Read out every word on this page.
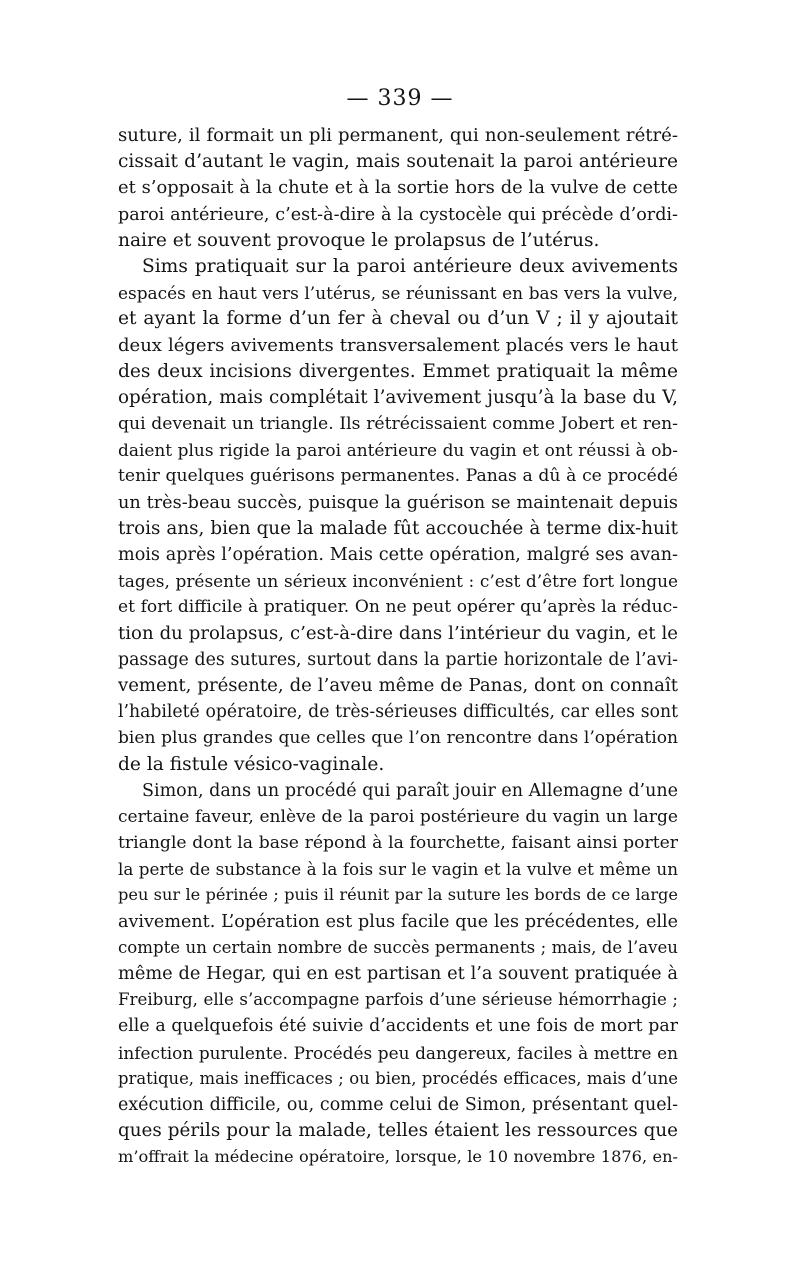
— 339 —
suture, il formait un pli permanent, qui non-seulement rétré-
cissait d’autant le vagin, mais soutenait la paroi antérieure
et s’opposait à la chute et à la sortie hors de la vulve de cette
paroi antérieure, c’est-à-dire à la cystocèle qui précède d’ordi-
naire et souvent provoque le prolapsus de l’utérus.
Sims pratiquait sur la paroi antérieure deux avivements
espacés en haut vers l’utérus, se réunissant en bas vers la vulve,
et ayant la forme d’un fer à cheval ou d’un V ; il y ajoutait
deux légers avivements transversalement placés vers le haut
des deux incisions divergentes. Emmet pratiquait la même
opération, mais complétait l’avivement jusqu’à la base du V,
qui devenait un triangle. Ils rétrécissaient comme Jobert et ren-
daient plus rigide la paroi antérieure du vagin et ont réussi à ob-
tenir quelques guérisons permanentes. Panas a dû à ce procédé
un très-beau succès, puisque la guérison se maintenait depuis
trois ans, bien que la malade fût accouchée à terme dix-huit
mois après l’opération. Mais cette opération, malgré ses avan-
tages, présente un sérieux inconvénient : c’est d’être fort longue
et fort difficile à pratiquer. On ne peut opérer qu’après la réduc-
tion du prolapsus, c’est-à-dire dans l’intérieur du vagin, et le
passage des sutures, surtout dans la partie horizontale de l’avi-
vement, présente, de l’aveu même de Panas, dont on connaît
l’habileté opératoire, de très-sérieuses difficultés, car elles sont
bien plus grandes que celles que l’on rencontre dans l’opération
de la fistule vésico-vaginale.
Simon, dans un procédé qui paraît jouir en Allemagne d’une
certaine faveur, enlève de la paroi postérieure du vagin un large
triangle dont la base répond à la fourchette, faisant ainsi porter
la perte de substance à la fois sur le vagin et la vulve et même un
peu sur le périnée ; puis il réunit par la suture les bords de ce large
avivement. L’opération est plus facile que les précédentes, elle
compte un certain nombre de succès permanents ; mais, de l’aveu
même de Hegar, qui en est partisan et l’a souvent pratiquée à
Freiburg, elle s’accompagne parfois d’une sérieuse hémorrhagie ;
elle a quelquefois été suivie d’accidents et une fois de mort par
infection purulente. Procédés peu dangereux, faciles à mettre en
pratique, mais inefficaces ; ou bien, procédés efficaces, mais d’une
exécution difficile, ou, comme celui de Simon, présentant quel-
ques périls pour la malade, telles étaient les ressources que
m’offrait la médecine opératoire, lorsque, le 10 novembre 1876, en-
